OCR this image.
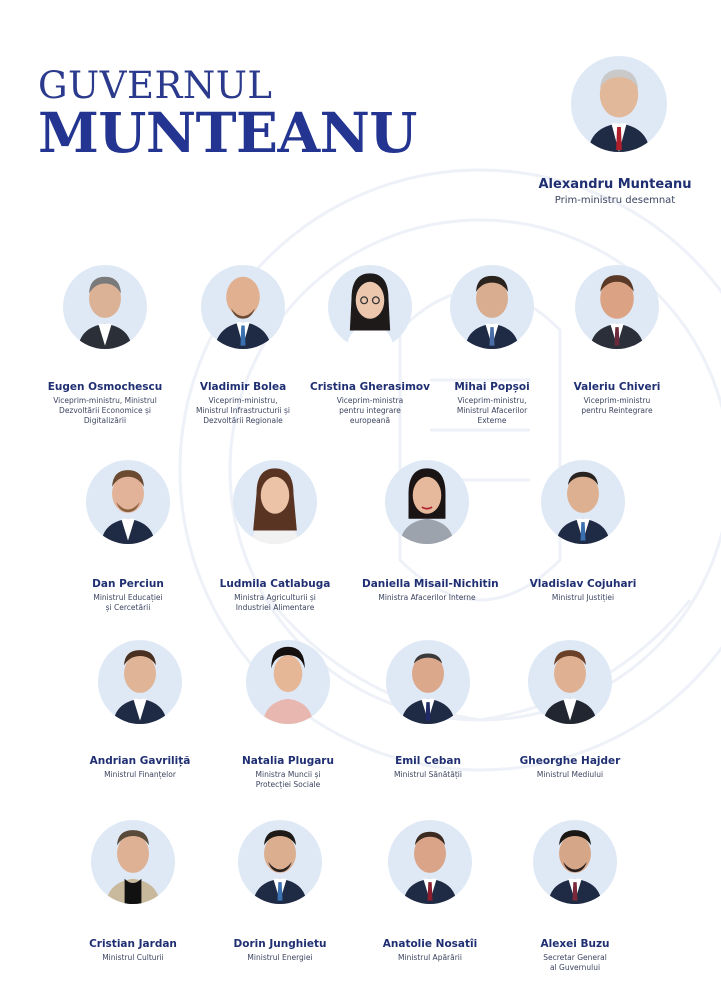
GUVERNUL
MUNTEANU
Alexandru Munteanu
Prim-ministru desemnat
Eugen Osmochescu
Viceprim-ministru, Ministrul
Dezvoltării Economice și
Digitalizării
Vladimir Bolea
Viceprim-ministru,
Ministrul Infrastructurii și
Dezvoltării Regionale
Cristina Gherasimov
Viceprim-ministra
pentru integrare
europeană
Mihai Popșoi
Viceprim-ministru,
Ministrul Afacerilor
Externe
Valeriu Chiveri
Viceprim-ministru
pentru Reintegrare
Dan Perciun
Ministrul Educației
și Cercetării
Ludmila Catlabuga
Ministra Agriculturii și
Industriei Alimentare
Daniella Misail-Nichitin
Ministra Afacerilor Interne
Vladislav Cojuhari
Ministrul Justiției
Andrian Gavriliță
Ministrul Finanțelor
Natalia Plugaru
Ministra Muncii și
Protecției Sociale
Emil Ceban
Ministrul Sănătății
Gheorghe Hajder
Ministrul Mediului
Cristian Jardan
Ministrul Culturii
Dorin Junghietu
Ministrul Energiei
Anatolie Nosatîi
Ministrul Apărării
Alexei Buzu
Secretar General
al Guvernului
